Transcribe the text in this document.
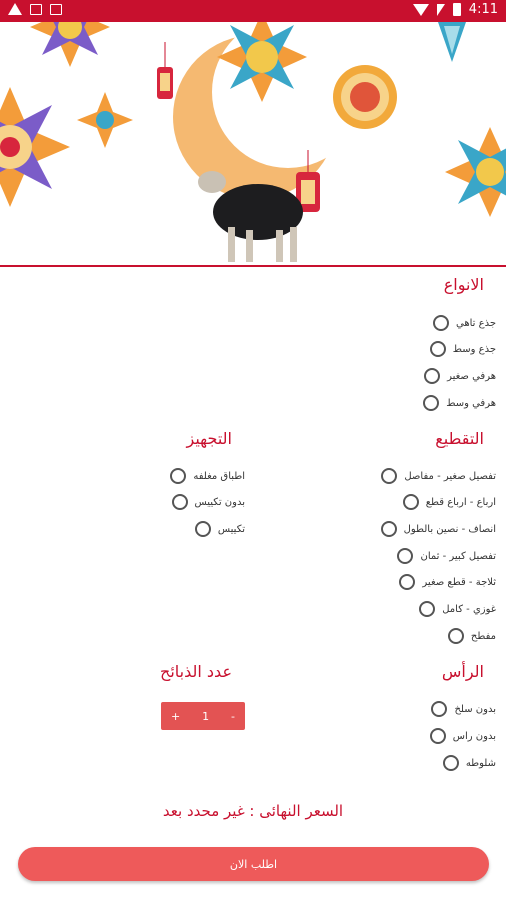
4:11
الانواع
جذع تاهي
جذع وسط
هرفي صغير
هرفي وسط
التقطيع
تفصيل صغير - مفاصل
ارباع - ارباع قطع
انصاف - نصين بالطول
تفصيل كبير - ثمان
ثلاجة - قطع صغير
غوزي - كامل
مفطح
التجهيز
اطباق مغلفه
بدون تكييس
تكييس
الرأس
بدون سلخ
بدون راس
شلوطه
عدد الذبائح
+ 1 -
السعر النهائى : غير محدد بعد
اطلب الان
